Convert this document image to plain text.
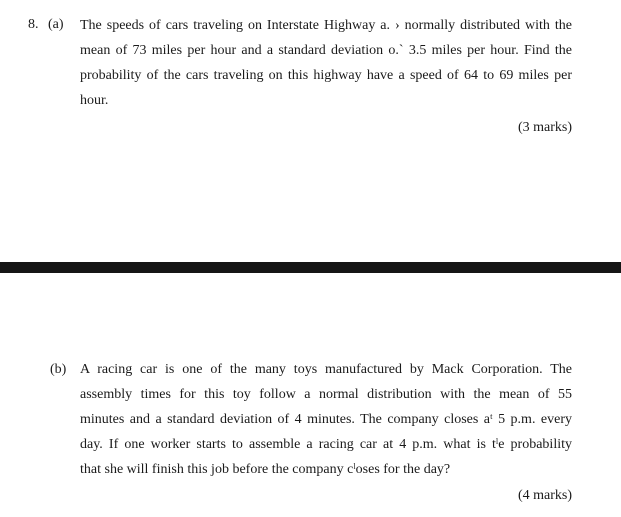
8. (a) The speeds of cars traveling on Interstate Highway a. › normally distributed with the
mean of 73 miles per hour and a standard deviation o.` 3.5 miles per hour. Find the
probability of the cars traveling on this highway have a speed of 64 to 69 miles per
hour.
(3 marks)
(b) A racing car is one of the many toys manufactured by Mack Corporation. The
assembly times for this toy follow a normal distribution with the mean of 55
minutes and a standard deviation of 4 minutes. The company closes aᵗ 5 p.m. every
day. If one worker starts to assemble a racing car at 4 p.m. what is tˡe probability
that she will finish this job before the company cˡoses for the day?
(4 marks)
